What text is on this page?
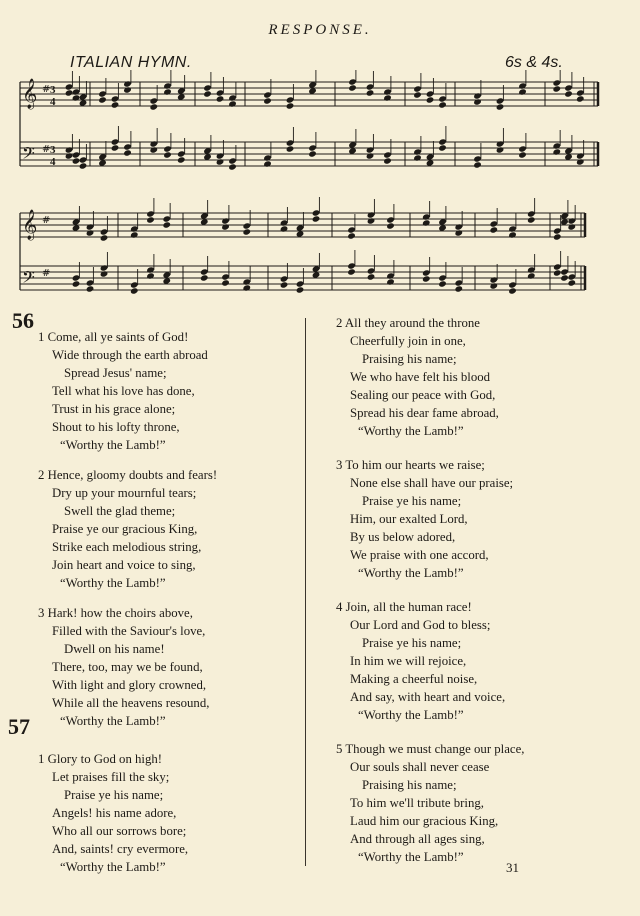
RESPONSE.
ITALIAN HYMN.	6s & 4s.
𝄞 # 3
4
𝄢 # 3
4
𝄞 #
𝄢 #
56
57
1 Come, all ye saints of God!
Wide through the earth abroad
Spread Jesus' name;
Tell what his love has done,
Trust in his grace alone;
Shout to his lofty throne,
“Worthy the Lamb!”
2 Hence, gloomy doubts and fears!
Dry up your mournful tears;
Swell the glad theme;
Praise ye our gracious King,
Strike each melodious string,
Join heart and voice to sing,
“Worthy the Lamb!”
3 Hark! how the choirs above,
Filled with the Saviour's love,
Dwell on his name!
There, too, may we be found,
With light and glory crowned,
While all the heavens resound,
“Worthy the Lamb!”
1 Glory to God on high!
Let praises fill the sky;
Praise ye his name;
Angels! his name adore,
Who all our sorrows bore;
And, saints! cry evermore,
“Worthy the Lamb!”
2 All they around the throne
Cheerfully join in one,
Praising his name;
We who have felt his blood
Sealing our peace with God,
Spread his dear fame abroad,
“Worthy the Lamb!”
3 To him our hearts we raise;
None else shall have our praise;
Praise ye his name;
Him, our exalted Lord,
By us below adored,
We praise with one accord,
“Worthy the Lamb!”
4 Join, all the human race!
Our Lord and God to bless;
Praise ye his name;
In him we will rejoice,
Making a cheerful noise,
And say, with heart and voice,
“Worthy the Lamb!”
5 Though we must change our place,
Our souls shall never cease
Praising his name;
To him we'll tribute bring,
Laud him our gracious King,
And through all ages sing,
“Worthy the Lamb!”
31
